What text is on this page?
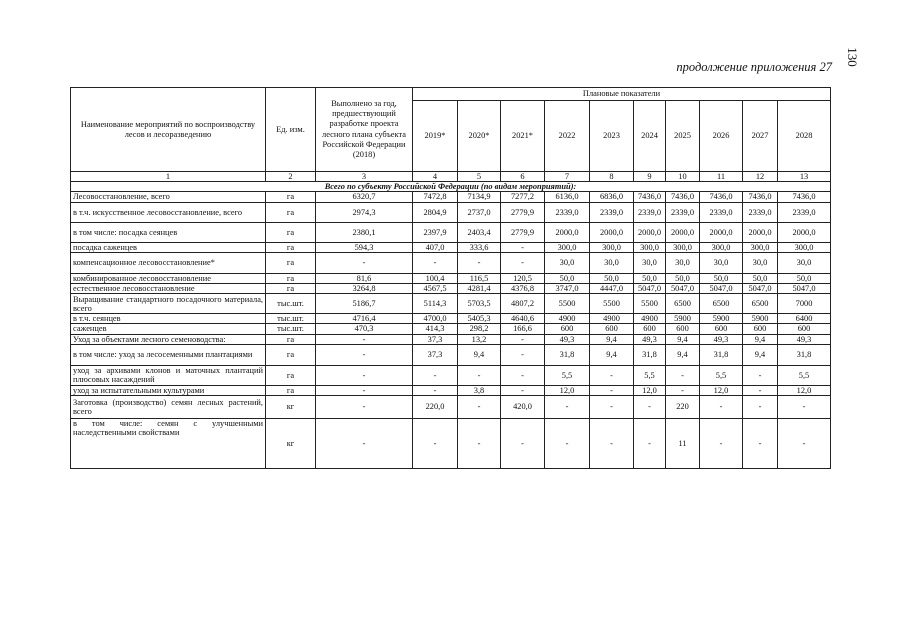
130
продолжение приложения 27
Наименование мероприятий по воспроизводству лесов и лесоразведению	Ед. изм.	Выполнено за год, предшествующий разработке проекта лесного плана субъекта Российской Федерации (2018)	Плановые показатели									
			2019*	2020*	2021*	2022	2023	2024	2025	2026	2027	2028
1	2	3	4	5	6	7	8	9	10	11	12	13
Всего по субъекту Российской Федерации (по видам мероприятий):												
Лесовосстановление, всего	га	6320,7	7472,8	7134,9	7277,2	6136,0	6836,0	7436,0	7436,0	7436,0	7436,0	7436,0
в т.ч. искусственное лесовосстановление, всего	га	2974,3	2804,9	2737,0	2779,9	2339,0	2339,0	2339,0	2339,0	2339,0	2339,0	2339,0
в том числе: посадка сеянцев	га	2380,1	2397,9	2403,4	2779,9	2000,0	2000,0	2000,0	2000,0	2000,0	2000,0	2000,0
посадка саженцев	га	594,3	407,0	333,6	-	300,0	300,0	300,0	300,0	300,0	300,0	300,0
компенсационное лесовосстановление*	га	-	-	-	-	30,0	30,0	30,0	30,0	30,0	30,0	30,0
комбинированное лесовосстановление	га	81,6	100,4	116,5	120,5	50,0	50,0	50,0	50,0	50,0	50,0	50,0
естественное лесовосстановление	га	3264,8	4567,5	4281,4	4376,8	3747,0	4447,0	5047,0	5047,0	5047,0	5047,0	5047,0
Выращивание стандартного посадочного материала, всего	тыс.шт.	5186,7	5114,3	5703,5	4807,2	5500	5500	5500	6500	6500	6500	7000
в т.ч. сеянцев	тыс.шт.	4716,4	4700,0	5405,3	4640,6	4900	4900	4900	5900	5900	5900	6400
саженцев	тыс.шт.	470,3	414,3	298,2	166,6	600	600	600	600	600	600	600
Уход за объектами лесного семеноводства:	га	-	37,3	13,2	-	49,3	9,4	49,3	9,4	49,3	9,4	49,3
в том числе: уход за лесосеменными плантациями	га	-	37,3	9,4	-	31,8	9,4	31,8	9,4	31,8	9,4	31,8
уход за архивами клонов и маточных плантаций плюсовых насаждений	га	-	-	-	-	5,5	-	5,5	-	5,5	-	5,5
уход за испытательными культурами	га	-	-	3,8	-	12,0	-	12,0	-	12,0	-	12,0
Заготовка (производство) семян лесных растений, всего	кг	-	220,0	-	420,0	-	-	-	220	-	-	-
в том числе: семян с улучшенными наследственными свойствами	кг	-	-	-	-	-	-	-	11	-	-	-
